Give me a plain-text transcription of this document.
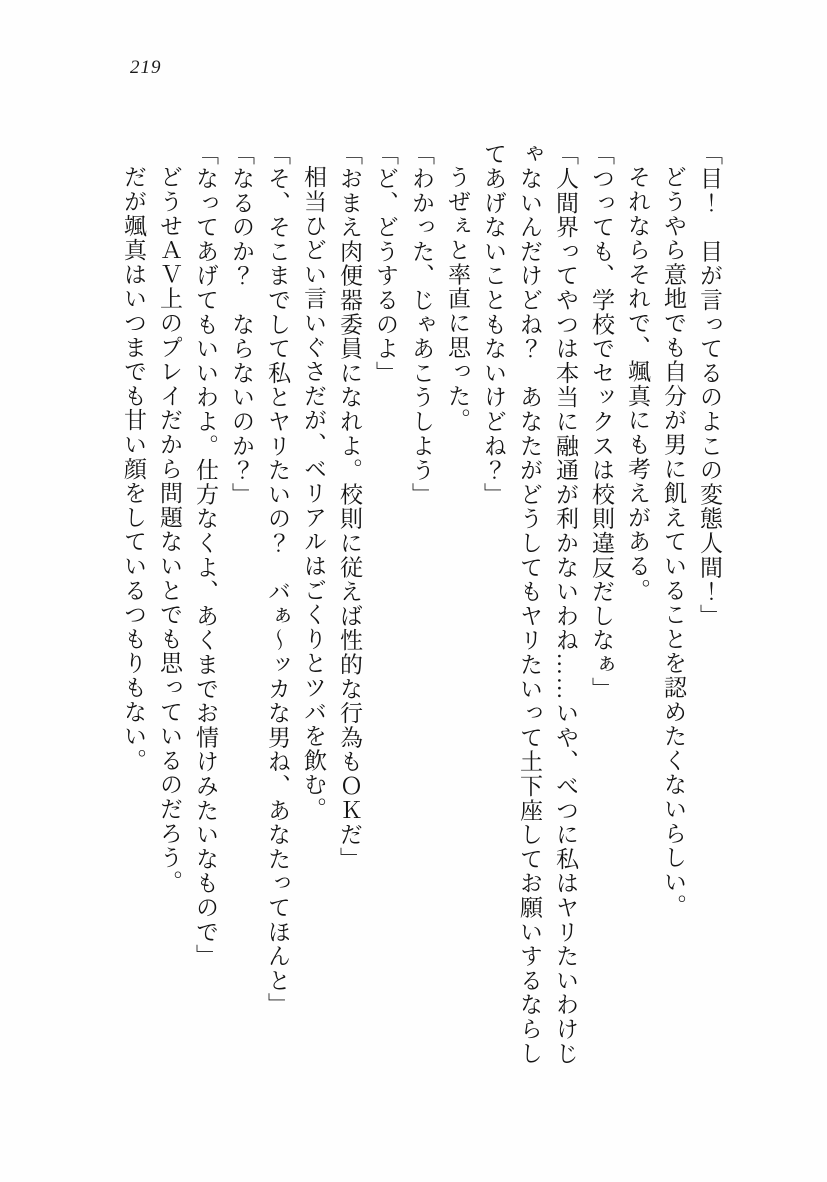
219

「目！　目が言ってるのよこの変態人間！」

どうやら意地でも自分が男に飢えていることを認めたくないらしい。

それならそれで、颯真にも考えがある。

「つっても、学校でセックスは校則違反だしなぁ」

「人間界ってやつは本当に融通が利かないわね……いや、べつに私はヤリたいわけじゃないんだけどね？　あなたがどうしてもヤリたいって土下座してお願いするならしてあげないこともないけどね？」

うぜぇと率直に思った。

「わかった、じゃあこうしよう」

「ど、どうするのよ」

「おまえ肉便器委員になれよ。校則に従えば性的な行為もＯＫだ」

相当ひどい言いぐさだが、ベリアルはごくりとツバを飲む。

「そ、そこまでして私とヤリたいの？　バぁ〜ッカな男ね、あなたってほんと」

「なるのか？　ならないのか？」

「なってあげてもいいわよ。仕方なくよ、あくまでお情けみたいなもので」

どうせＡＶ上のプレイだから問題ないとでも思っているのだろう。

だが颯真はいつまでも甘い顔をしているつもりもない。
